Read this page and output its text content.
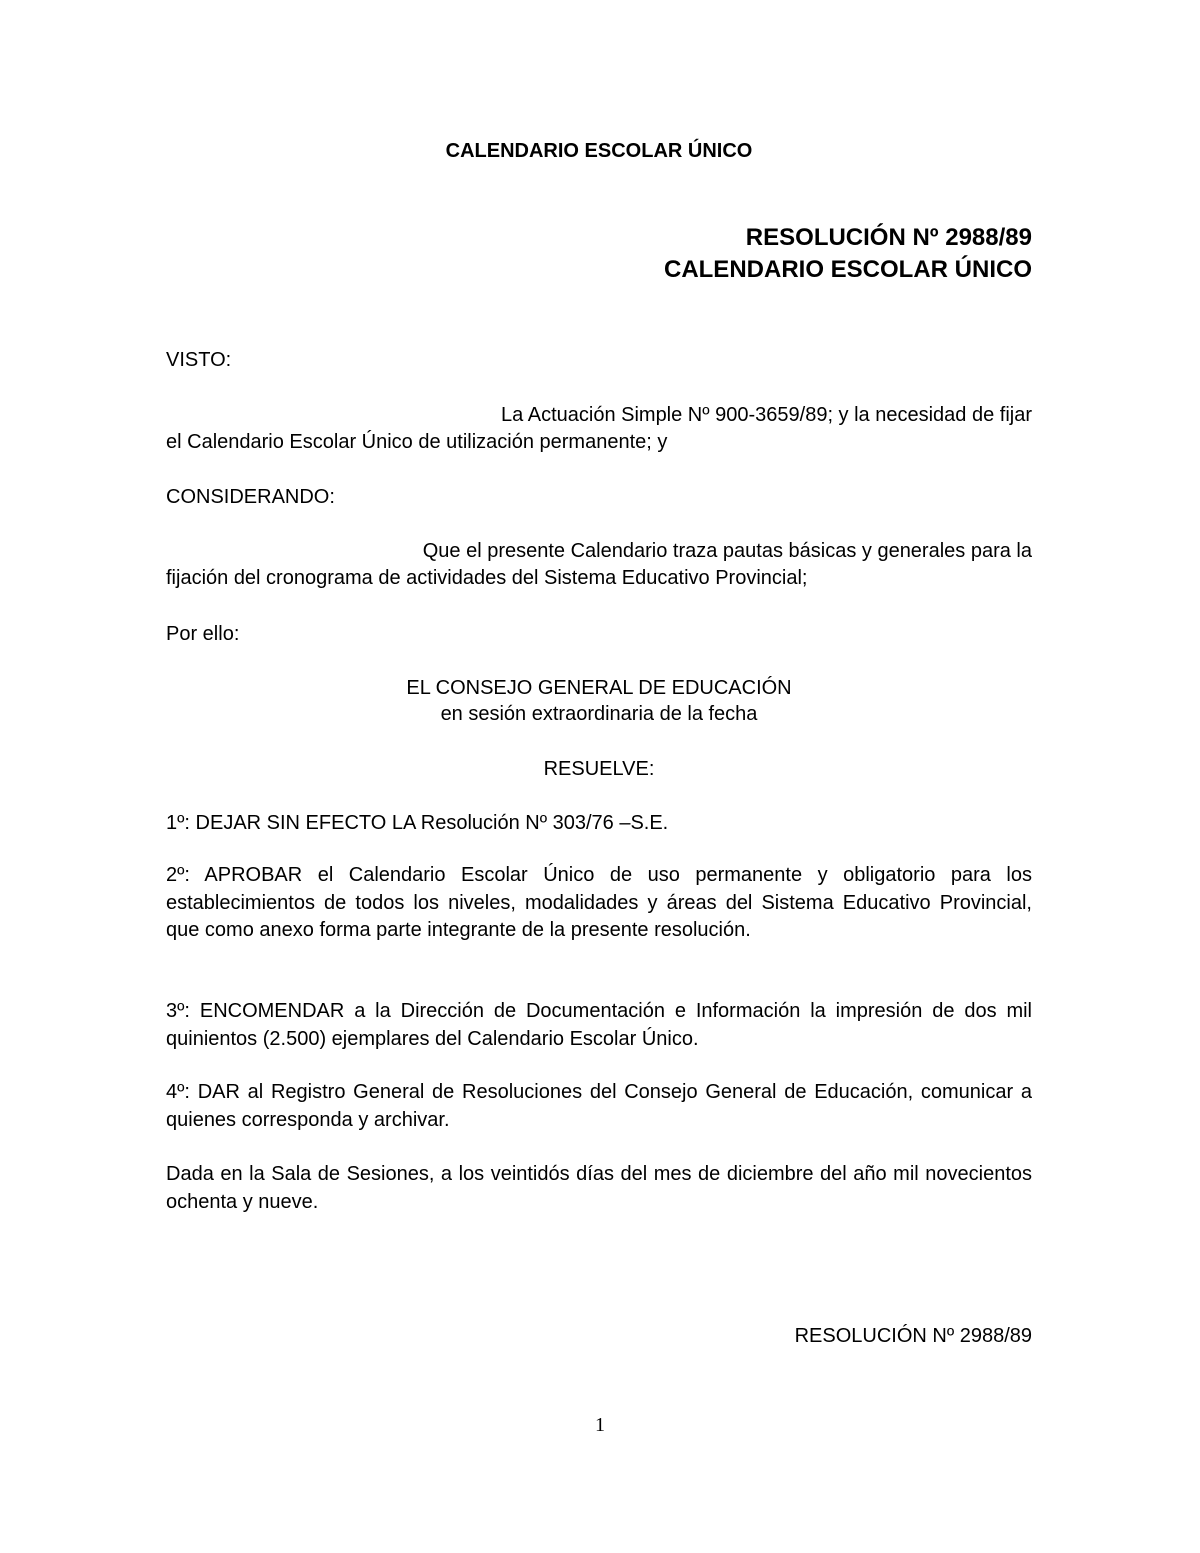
CALENDARIO ESCOLAR ÚNICO
RESOLUCIÓN Nº 2988/89
CALENDARIO ESCOLAR ÚNICO
VISTO:
La Actuación Simple Nº 900-3659/89; y la necesidad de fijar
el Calendario Escolar Único de utilización permanente; y
CONSIDERANDO:
Que el presente Calendario traza pautas básicas y generales para la
fijación del cronograma de actividades del Sistema Educativo Provincial;
Por ello:
EL CONSEJO GENERAL DE EDUCACIÓN
en sesión extraordinaria de la fecha
RESUELVE:
1º: DEJAR SIN EFECTO LA Resolución Nº 303/76 –S.E.
2º: APROBAR el Calendario Escolar Único de uso permanente y obligatorio para los establecimientos de todos los niveles, modalidades y áreas del Sistema Educativo Provincial, que como anexo forma parte integrante de la presente resolución.
3º: ENCOMENDAR a la Dirección de Documentación e Información la impresión de dos mil quinientos (2.500) ejemplares del Calendario Escolar Único.
4º: DAR al Registro General de Resoluciones del Consejo General de Educación, comunicar a quienes corresponda y archivar.
Dada en la Sala de Sesiones, a los veintidós días del mes de diciembre del año mil novecientos ochenta y nueve.
RESOLUCIÓN Nº 2988/89
1
